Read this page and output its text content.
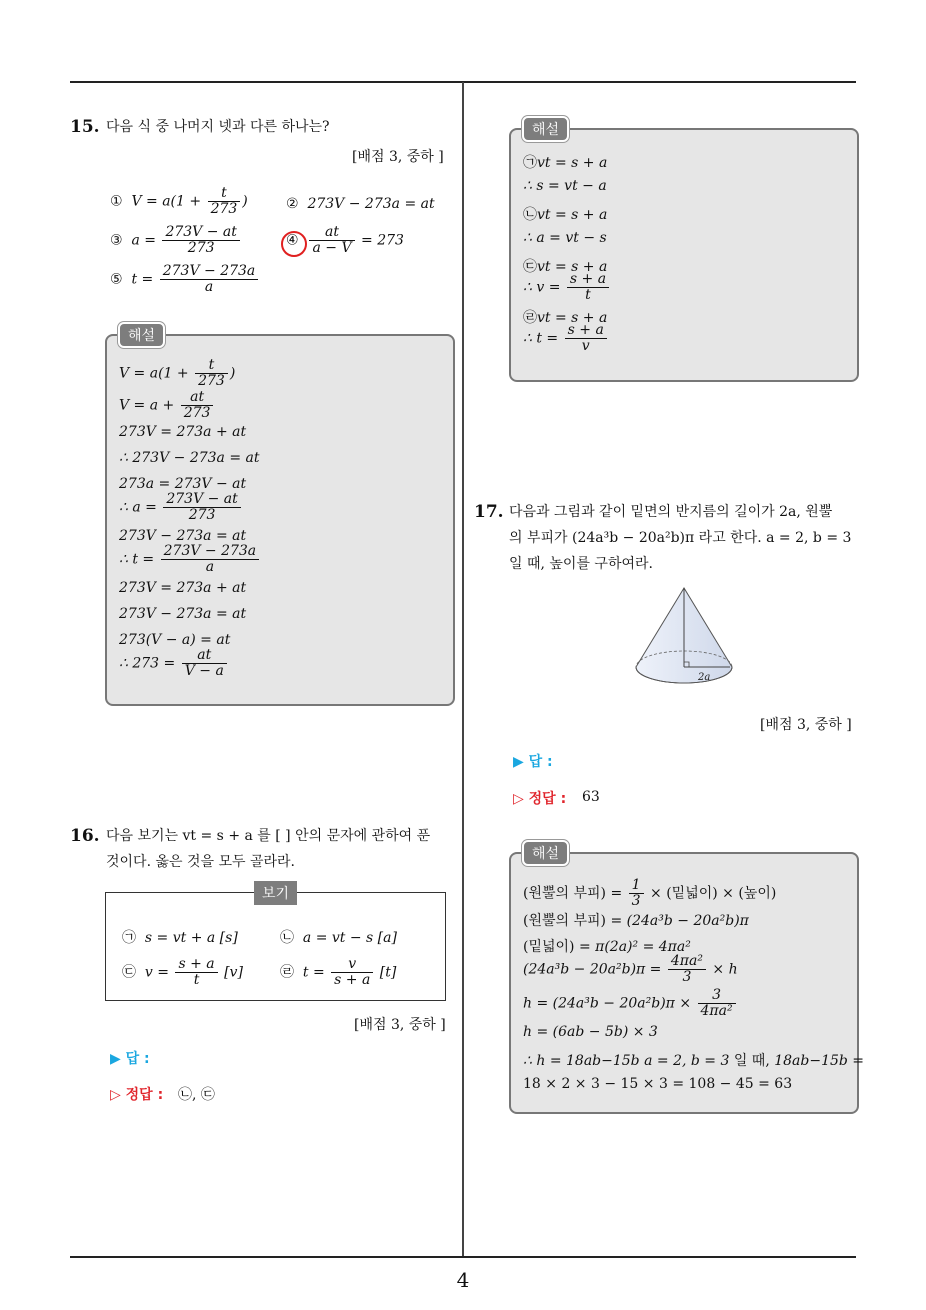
4
15. 다음 식 중 나머지 넷과 다른 하나는?
[배점 3, 중하 ]
①  $V = a(1 + \frac{t}{273}$ )	②  273V − 273a = at
③  $a = \frac{273V - at}{273}$	④ $\frac{at}{a - V} = 273$
⑤  $t = \frac{273V - 273a}{a}$
$V = a(1 + \frac{t}{273}$ )
$V = a + \frac{at}{273}$
273V = 273a + at
∴ 273V − 273a = at
273a = 273V − at
∴ $a = \frac{273V - at}{273}$
273V − 273a = at
∴ $t = \frac{273V - 273a}{a}$
273V = 273a + at
273V − 273a = at
273(V − a) = at
∴ $273 = \frac{at}{V - a}$
해설
16. 다음 보기는 vt = s + a 를 [ ] 안의 문자에 관하여 푼
것이다. 옳은 것을 모두 골라라.
㉠  s = vt + a [s]	㉡  a = vt − s [a]
㉢  $v = \frac{s + a}{t} [v]$	㉣  $t = \frac{v}{s + a} [t]$
보기
[배점 3, 중하 ]
▶ 답 :
▷ 정답 : ㉡, ㉢
㉠vt = s + a
∴ s = vt − a
㉡vt = s + a
∴ a = vt − s
㉢vt = s + a
∴ $v = \frac{s + a}{t}$
㉣vt = s + a
∴ $t = \frac{s + a}{v}$
해설
17. 다음과 그림과 같이 밑면의 반지름의 길이가 2a, 원뿔
의 부피가 (24a³b − 20a²b)π 라고 한다. a = 2, b = 3
일 때, 높이를 구하여라.
2a
[배점 3, 중하 ]
▶ 답 :
▷ 정답 : 63
(원뿔의 부피) = $\frac{1}{3}$ × (밑넓이) × (높이)
(원뿔의 부피) = (24a³b − 20a²b)π
(밑넓이) = π(2a)² = 4πa²
$(24a^3b - 20a^2b)\pi = \frac{\text{4πa²}}{3} \times h$
$h = (24a^3b - 20a^2b)\pi \times \frac{3}{\text{4πa²}}$
h = (6ab − 5b) × 3
∴ h = 18ab−15b a = 2, b = 3 일 때, 18ab−15b =
18 × 2 × 3 − 15 × 3 = 108 − 45 = 63
해설
